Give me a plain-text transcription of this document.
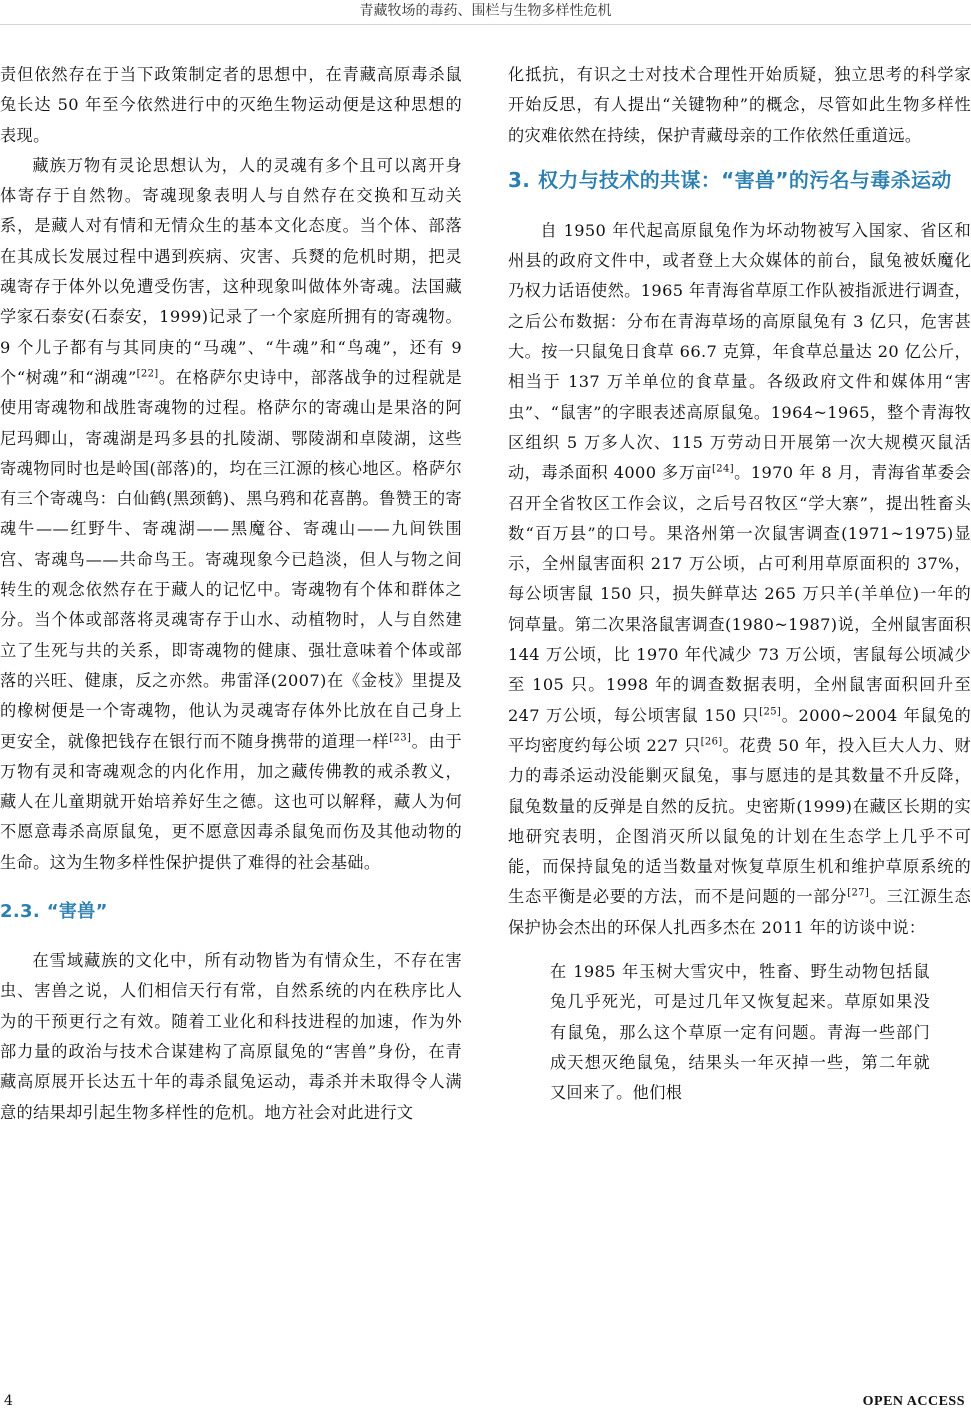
青藏牧场的毒药、围栏与生物多样性危机

责但依然存在于当下政策制定者的思想中，在青藏高原毒杀鼠兔长达 50 年至今依然进行中的灭绝生物运动便是这种思想的表现。

藏族万物有灵论思想认为，人的灵魂有多个且可以离开身体寄存于自然物。寄魂现象表明人与自然存在交换和互动关系，是藏人对有情和无情众生的基本文化态度。当个体、部落在其成长发展过程中遇到疾病、灾害、兵燹的危机时期，把灵魂寄存于体外以免遭受伤害，这种现象叫做体外寄魂。法国藏学家石泰安(石泰安，1999)记录了一个家庭所拥有的寄魂物。9 个儿子都有与其同庚的“马魂”、“牛魂”和“鸟魂”，还有 9 个“树魂”和“湖魂”[22]。在格萨尔史诗中，部落战争的过程就是使用寄魂物和战胜寄魂物的过程。格萨尔的寄魂山是果洛的阿尼玛卿山，寄魂湖是玛多县的扎陵湖、鄂陵湖和卓陵湖，这些寄魂物同时也是岭国(部落)的，均在三江源的核心地区。格萨尔有三个寄魂鸟：白仙鹤(黑颈鹤)、黑乌鸦和花喜鹊。鲁赞王的寄魂牛——红野牛、寄魂湖——黑魔谷、寄魂山——九间铁围宫、寄魂鸟——共命鸟王。寄魂现象今已趋淡，但人与物之间转生的观念依然存在于藏人的记忆中。寄魂物有个体和群体之分。当个体或部落将灵魂寄存于山水、动植物时，人与自然建立了生死与共的关系，即寄魂物的健康、强壮意味着个体或部落的兴旺、健康，反之亦然。弗雷泽(2007)在《金枝》里提及的橡树便是一个寄魂物，他认为灵魂寄存体外比放在自己身上更安全，就像把钱存在银行而不随身携带的道理一样[23]。由于万物有灵和寄魂观念的内化作用，加之藏传佛教的戒杀教义，藏人在儿童期就开始培养好生之德。这也可以解释，藏人为何不愿意毒杀高原鼠兔，更不愿意因毒杀鼠兔而伤及其他动物的生命。这为生物多样性保护提供了难得的社会基础。

2.3. “害兽”

在雪域藏族的文化中，所有动物皆为有情众生，不存在害虫、害兽之说，人们相信天行有常，自然系统的内在秩序比人为的干预更行之有效。随着工业化和科技进程的加速，作为外部力量的政治与技术合谋建构了高原鼠兔的“害兽”身份，在青藏高原展开长达五十年的毒杀鼠兔运动，毒杀并未取得令人满意的结果却引起生物多样性的危机。地方社会对此进行文

化抵抗，有识之士对技术合理性开始质疑，独立思考的科学家开始反思，有人提出“关键物种”的概念，尽管如此生物多样性的灾难依然在持续，保护青藏母亲的工作依然任重道远。

3. 权力与技术的共谋：“害兽”的污名与毒杀运动

自 1950 年代起高原鼠兔作为坏动物被写入国家、省区和州县的政府文件中，或者登上大众媒体的前台，鼠兔被妖魔化乃权力话语使然。1965 年青海省草原工作队被指派进行调查，之后公布数据：分布在青海草场的高原鼠兔有 3 亿只，危害甚大。按一只鼠兔日食草 66.7 克算，年食草总量达 20 亿公斤，相当于 137 万羊单位的食草量。各级政府文件和媒体用“害虫”、“鼠害”的字眼表述高原鼠兔。1964~1965，整个青海牧区组织 5 万多人次、115 万劳动日开展第一次大规模灭鼠活动，毒杀面积 4000 多万亩[24]。1970 年 8 月，青海省革委会召开全省牧区工作会议，之后号召牧区“学大寨”，提出牲畜头数“百万县”的口号。果洛州第一次鼠害调查(1971~1975)显示，全州鼠害面积 217 万公顷，占可利用草原面积的 37%，每公顷害鼠 150 只，损失鲜草达 265 万只羊(羊单位)一年的饲草量。第二次果洛鼠害调查(1980~1987)说，全州鼠害面积 144 万公顷，比 1970 年代减少 73 万公顷，害鼠每公顷减少至 105 只。1998 年的调查数据表明，全州鼠害面积回升至 247 万公顷，每公顷害鼠 150 只[25]。2000~2004 年鼠兔的平均密度约每公顷 227 只[26]。花费 50 年，投入巨大人力、财力的毒杀运动没能剿灭鼠兔，事与愿违的是其数量不升反降，鼠兔数量的反弹是自然的反抗。史密斯(1999)在藏区长期的实地研究表明，企图消灭所以鼠兔的计划在生态学上几乎不可能，而保持鼠兔的适当数量对恢复草原生机和维护草原系统的生态平衡是必要的方法，而不是问题的一部分[27]。三江源生态保护协会杰出的环保人扎西多杰在 2011 年的访谈中说：

在 1985 年玉树大雪灾中，牲畜、野生动物包括鼠兔几乎死光，可是过几年又恢复起来。草原如果没有鼠兔，那么这个草原一定有问题。青海一些部门成天想灭绝鼠兔，结果头一年灭掉一些，第二年就又回来了。他们根
4	OPEN ACCESS
